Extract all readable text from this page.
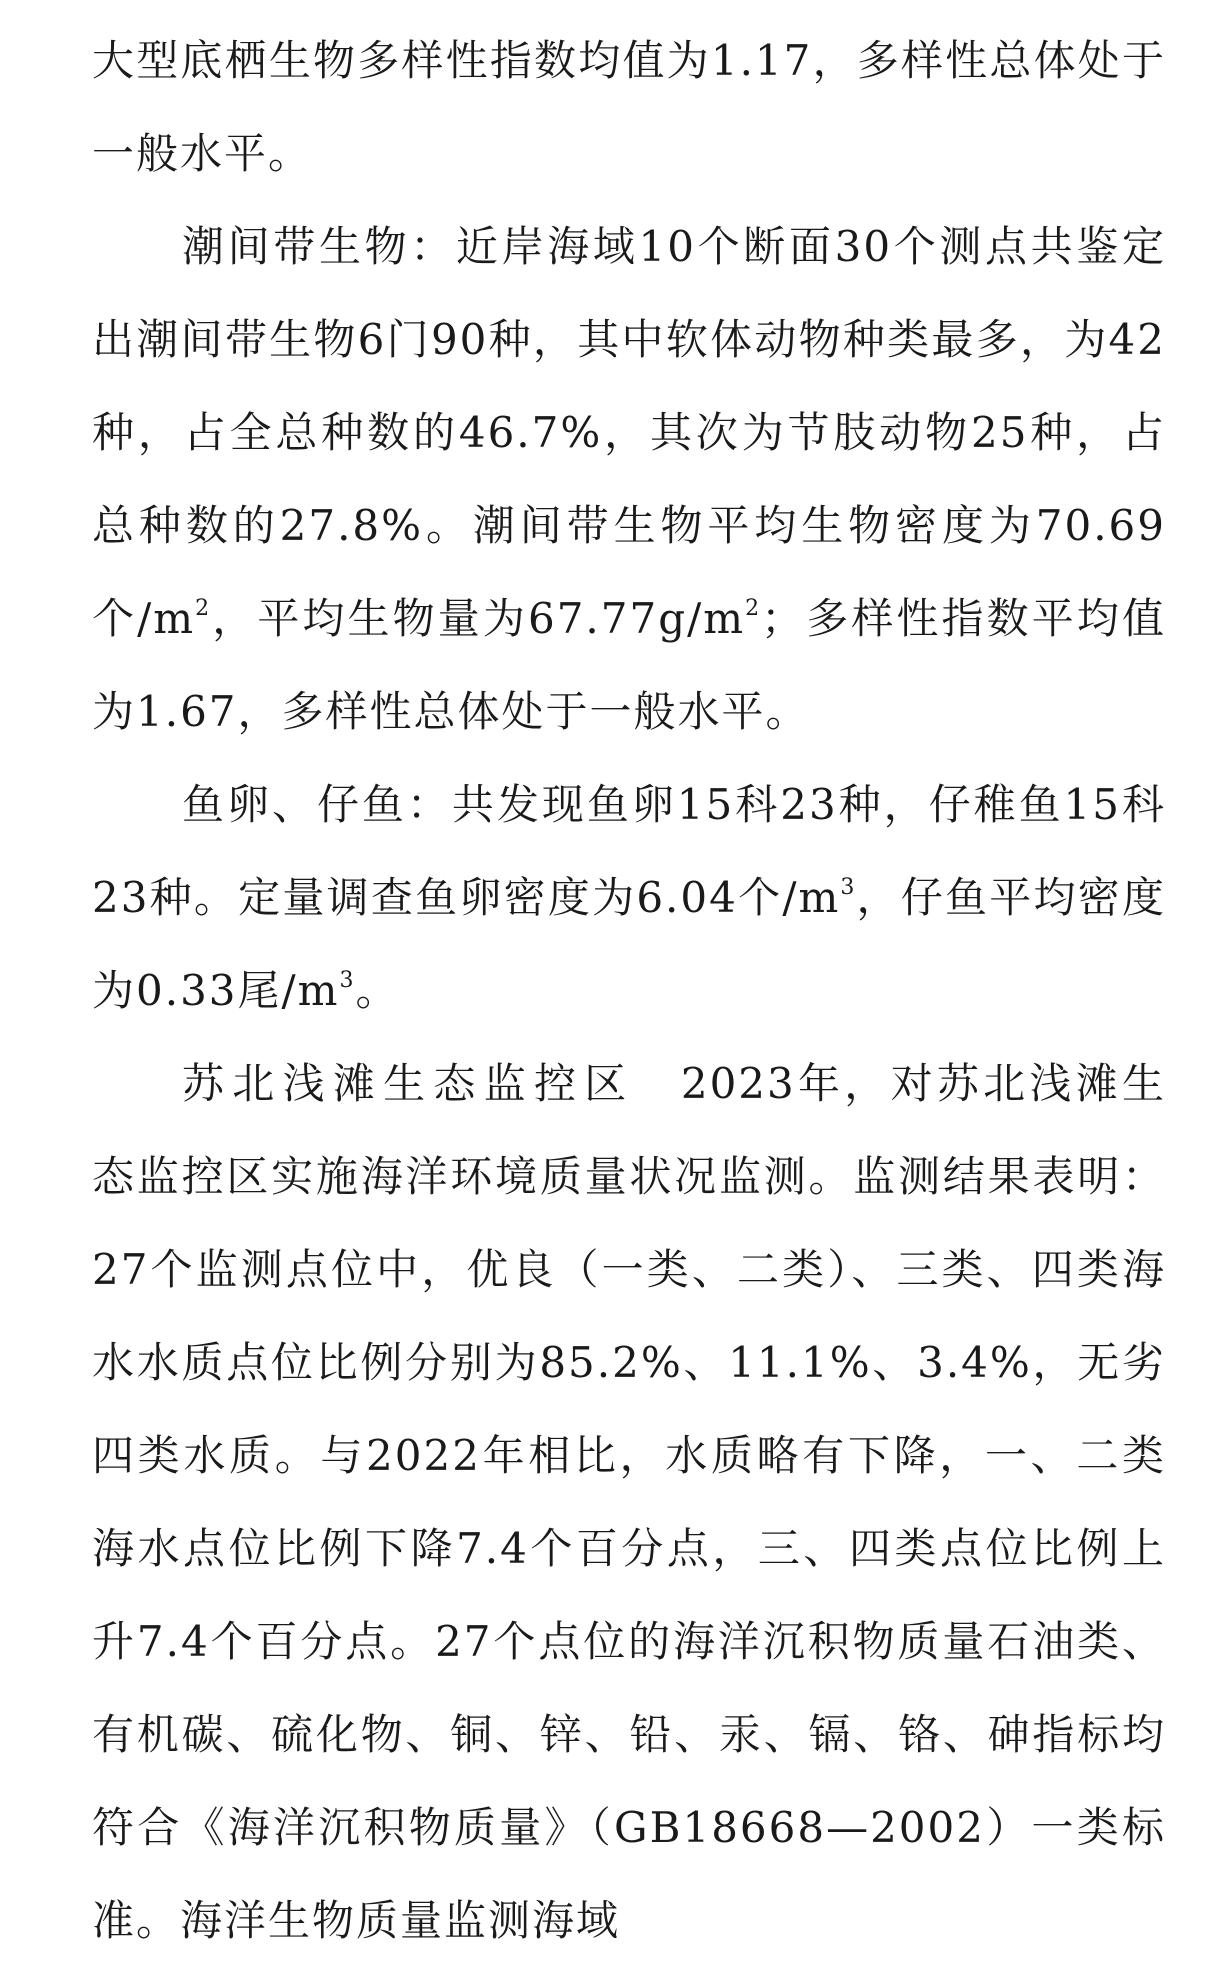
大型底栖生物多样性指数均值为1.17，多样性总体处于一般水平。

潮间带生物：近岸海域10个断面30个测点共鉴定出潮间带生物6门90种，其中软体动物种类最多，为42种，占全总种数的46.7%，其次为节肢动物25种，占总种数的27.8%。潮间带生物平均生物密度为70.69个$/m^2$，平均生物量为$67.77g/m^2$；多样性指数平均值为1.67，多样性总体处于一般水平。

鱼卵、仔鱼：共发现鱼卵15科23种，仔稚鱼15科23种。定量调查鱼卵密度为6.04个$/m^3$，仔鱼平均密度为0.33尾$/m^3$。

苏北浅滩生态监控区　 2023年，对苏北浅滩生态监控区实施海洋环境质量状况监测。监测结果表明：27个监测点位中，优良（一类、二类）、三类、四类海水水质点位比例分别为85.2%、11.1%、3.4%，无劣四类水质。与2022年相比，水质略有下降，一、二类海水点位比例下降7.4个百分点，三、四类点位比例上升7.4个百分点。27个点位的海洋沉积物质量石油类、有机碳、硫化物、铜、锌、铅、汞、镉、铬、砷指标均符合《海洋沉积物质量》（GB18668—2002）一类标准。海洋生物质量监测海域
